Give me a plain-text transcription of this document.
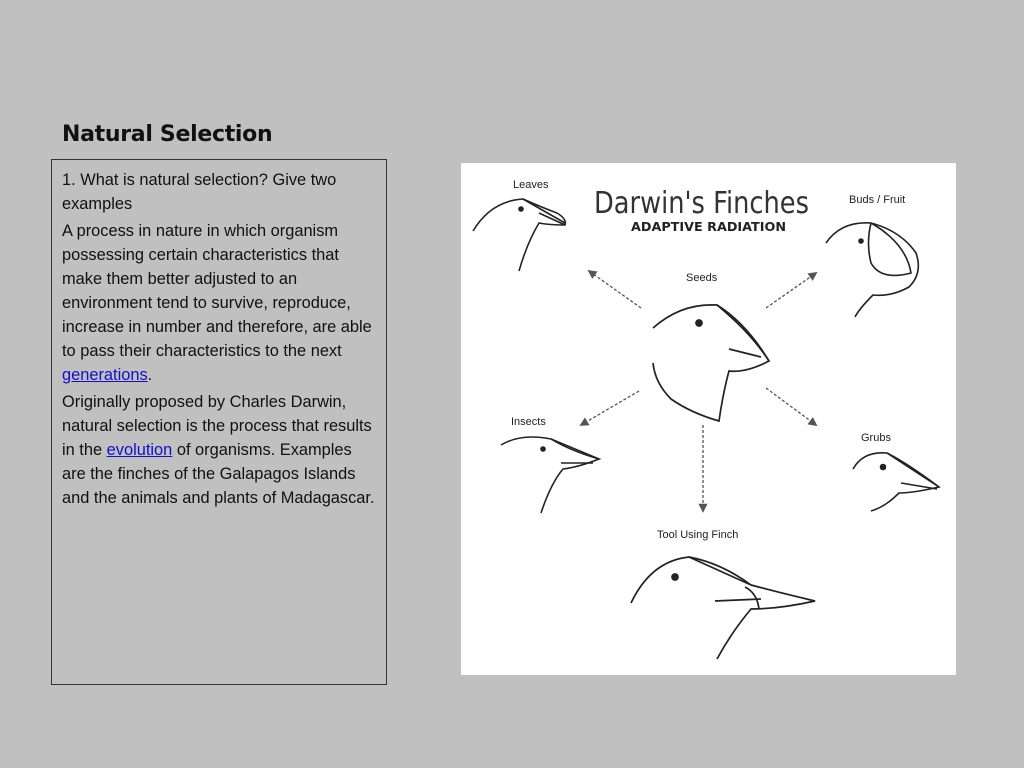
Natural Selection

1. What is natural selection? Give two examples

A process in nature in which organism possessing certain characteristics that make them better adjusted to an environment tend to survive, reproduce, increase in number and therefore, are able to pass their characteristics to the next generations.

Originally proposed by Charles Darwin, natural selection is the process that results in the evolution of organisms. Examples are the finches of the Galapagos Islands and the animals and plants of Madagascar.

Darwin's Finches
ADAPTIVE RADIATION
Leaves
Buds / Fruit
Seeds
Insects
Grubs
Tool Using Finch
